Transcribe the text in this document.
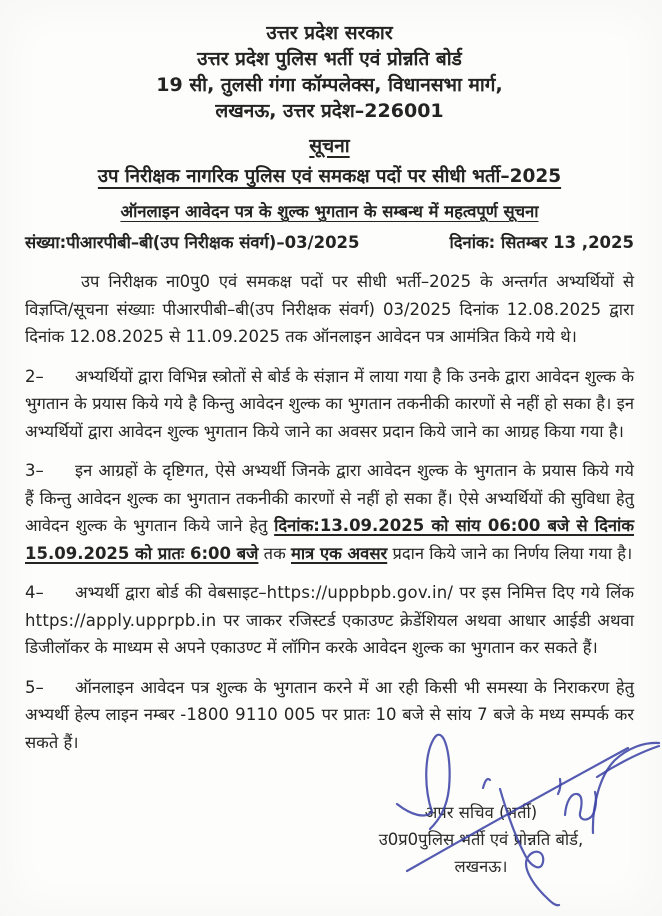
उत्तर प्रदेश सरकार
उत्तर प्रदेश पुलिस भर्ती एवं प्रोन्नति बोर्ड
19 सी, तुलसी गंगा कॉम्पलेक्स, विधानसभा मार्ग,
लखनऊ, उत्तर प्रदेश–226001
सूचना
उप निरीक्षक नागरिक पुलिस एवं समकक्ष पदों पर सीधी भर्ती–2025
ऑनलाइन आवेदन पत्र के शुल्क भुगतान के सम्बन्ध में महत्वपूर्ण सूचना
संख्या:पीआरपीबी–बी(उप निरीक्षक संवर्ग)–03/2025	दिनांक: सितम्बर 13 ,2025

उप निरीक्षक ना0पु0 एवं समकक्ष पदों पर सीधी भर्ती–2025 के अन्तर्गत अभ्यर्थियों से विज्ञप्ति/सूचना संख्याः पीआरपीबी–बी(उप निरीक्षक संवर्ग) 03/2025 दिनांक 12.08.2025 द्वारा दिनांक 12.08.2025 से 11.09.2025 तक ऑनलाइन आवेदन पत्र आमंत्रित किये गये थे।

2– अभ्यर्थियों द्वारा विभिन्न स्त्रोतों से बोर्ड के संज्ञान में लाया गया है कि उनके द्वारा आवेदन शुल्क के भुगतान के प्रयास किये गये है किन्तु आवेदन शुल्क का भुगतान तकनीकी कारणों से नहीं हो सका है। इन अभ्यर्थियों द्वारा आवेदन शुल्क भुगतान किये जाने का अवसर प्रदान किये जाने का आग्रह किया गया है।

3– इन आग्रहों के दृष्टिगत, ऐसे अभ्यर्थी जिनके द्वारा आवेदन शुल्क के भुगतान के प्रयास किये गये हैं किन्तु आवेदन शुल्क का भुगतान तकनीकी कारणों से नहीं हो सका हैं। ऐसे अभ्यर्थियों की सुविधा हेतु आवेदन शुल्क के भुगतान किये जाने हेतु दिनांक:13.09.2025 को सांय 06:00 बजे से दिनांक 15.09.2025 को प्रातः 6:00 बजे तक मात्र एक अवसर प्रदान किये जाने का निर्णय लिया गया है।

4– अभ्यर्थी द्वारा बोर्ड की वेबसाइट–https://uppbpb.gov.in/ पर इस निमित्त दिए गये लिंक https://apply.upprpb.in पर जाकर रजिस्टर्ड एकाउण्ट क्रेडेंशियल अथवा आधार आईडी अथवा डिजीलॉकर के माध्यम से अपने एकाउण्ट में लॉगिन करके आवेदन शुल्क का भुगतान कर सकते हैं।

5– ऑनलाइन आवेदन पत्र शुल्क के भुगतान करने में आ रही किसी भी समस्या के निराकरण हेतु अभ्यर्थी हेल्प लाइन नम्बर -1800 9110 005 पर प्रातः 10 बजे से सांय 7 बजे के मध्य सम्पर्क कर सकते हैं।

अपर सचिव (भर्ती)
उ0प्र0पुलिस भर्ती एवं प्रोन्नति बोर्ड,
लखनऊ।
